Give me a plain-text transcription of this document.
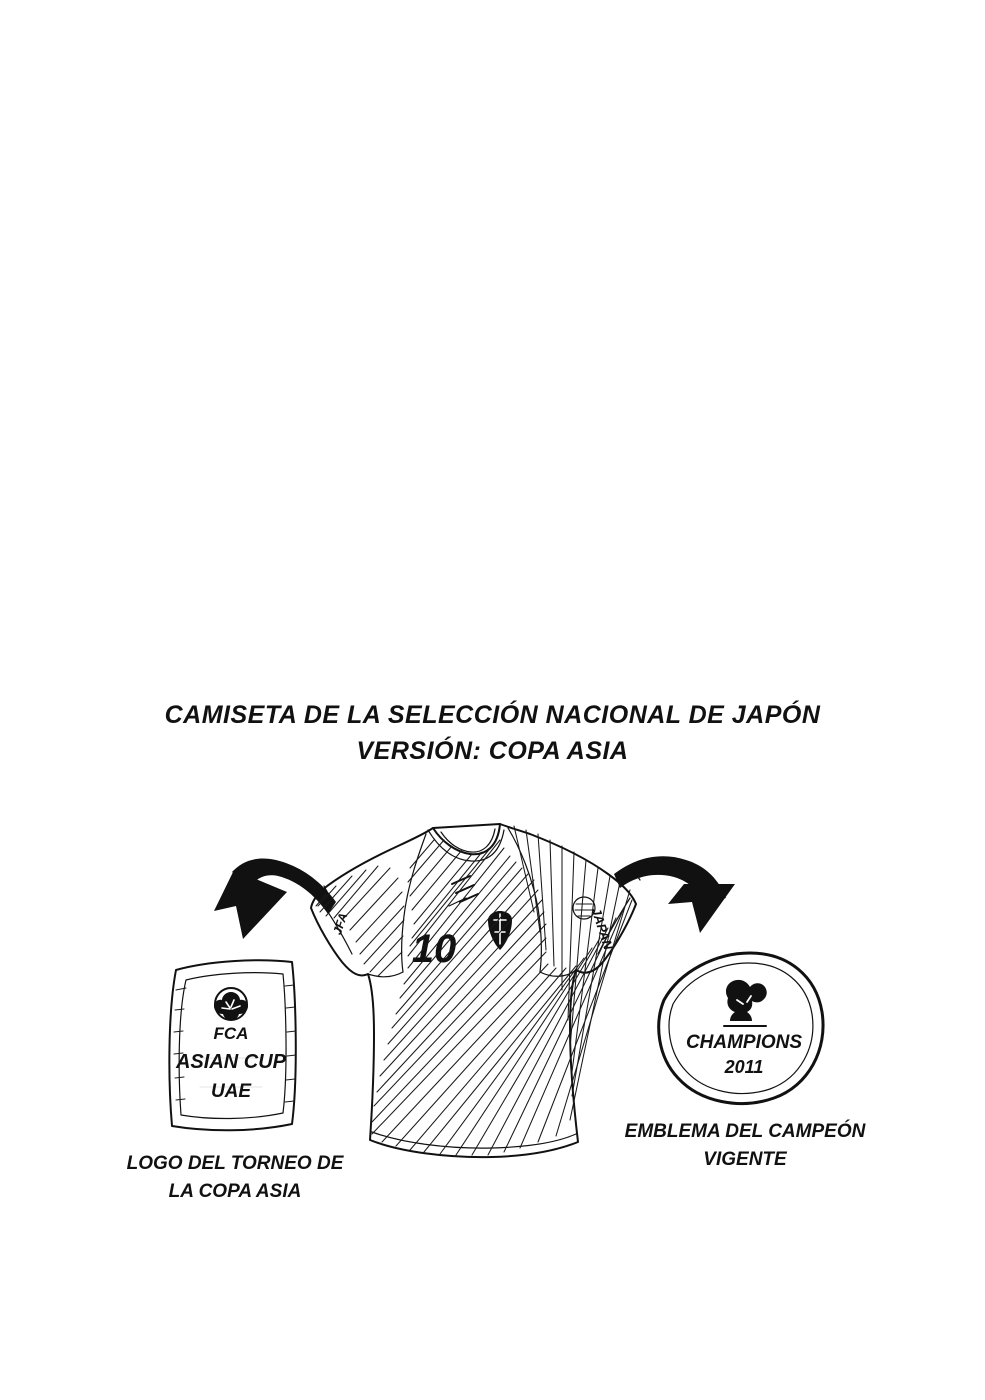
CAMISETA DE LA SELECCIÓN NACIONAL DE JAPÓN
VERSIÓN: COPA ASIA
FCA
ASIAN CUP
UAE
CHAMPIONS
2011
10	JAPAN
JFA
LOGO DEL TORNEO DE LA COPA ASIA
EMBLEMA DEL CAMPEÓN VIGENTE
